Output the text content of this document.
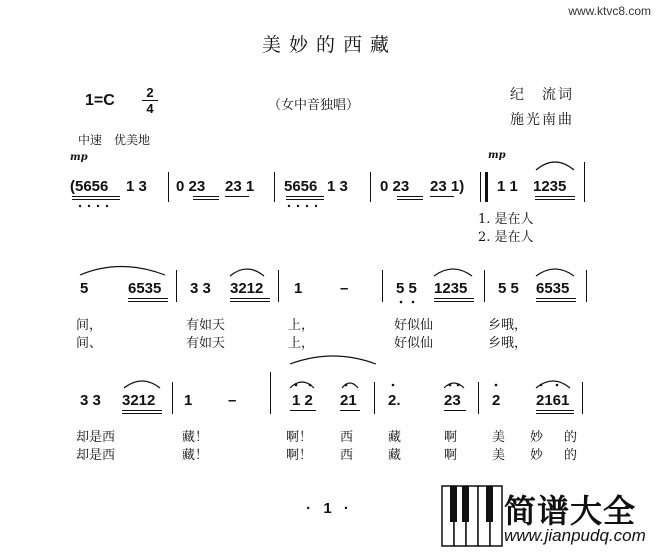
www.ktvc8.com
美妙的西藏
1=C	2
4	（女中音独唱）
纪　流词
施光南曲
中速　优美地
mp	mp
(5656 1 3 0 23 23 1 5656 1 3 0 23 23 1) 1 1 1235
1. 是在人
2. 是在人
5	6535 3 3 3212 1	–	5 5 1235 5 5 6535
间，	有如天	上，	好似仙	乡哦，
间、	有如天	上，	好似仙	乡哦，
3 3 3212 1 –	1 2 21 2.	23 2 2161
却是西	藏！	啊！ 西	藏	啊	美 妙 的
却是西	藏！	啊！ 西	藏	啊	美 妙 的
· 1 ·	简谱大全
www.jianpudq.com
